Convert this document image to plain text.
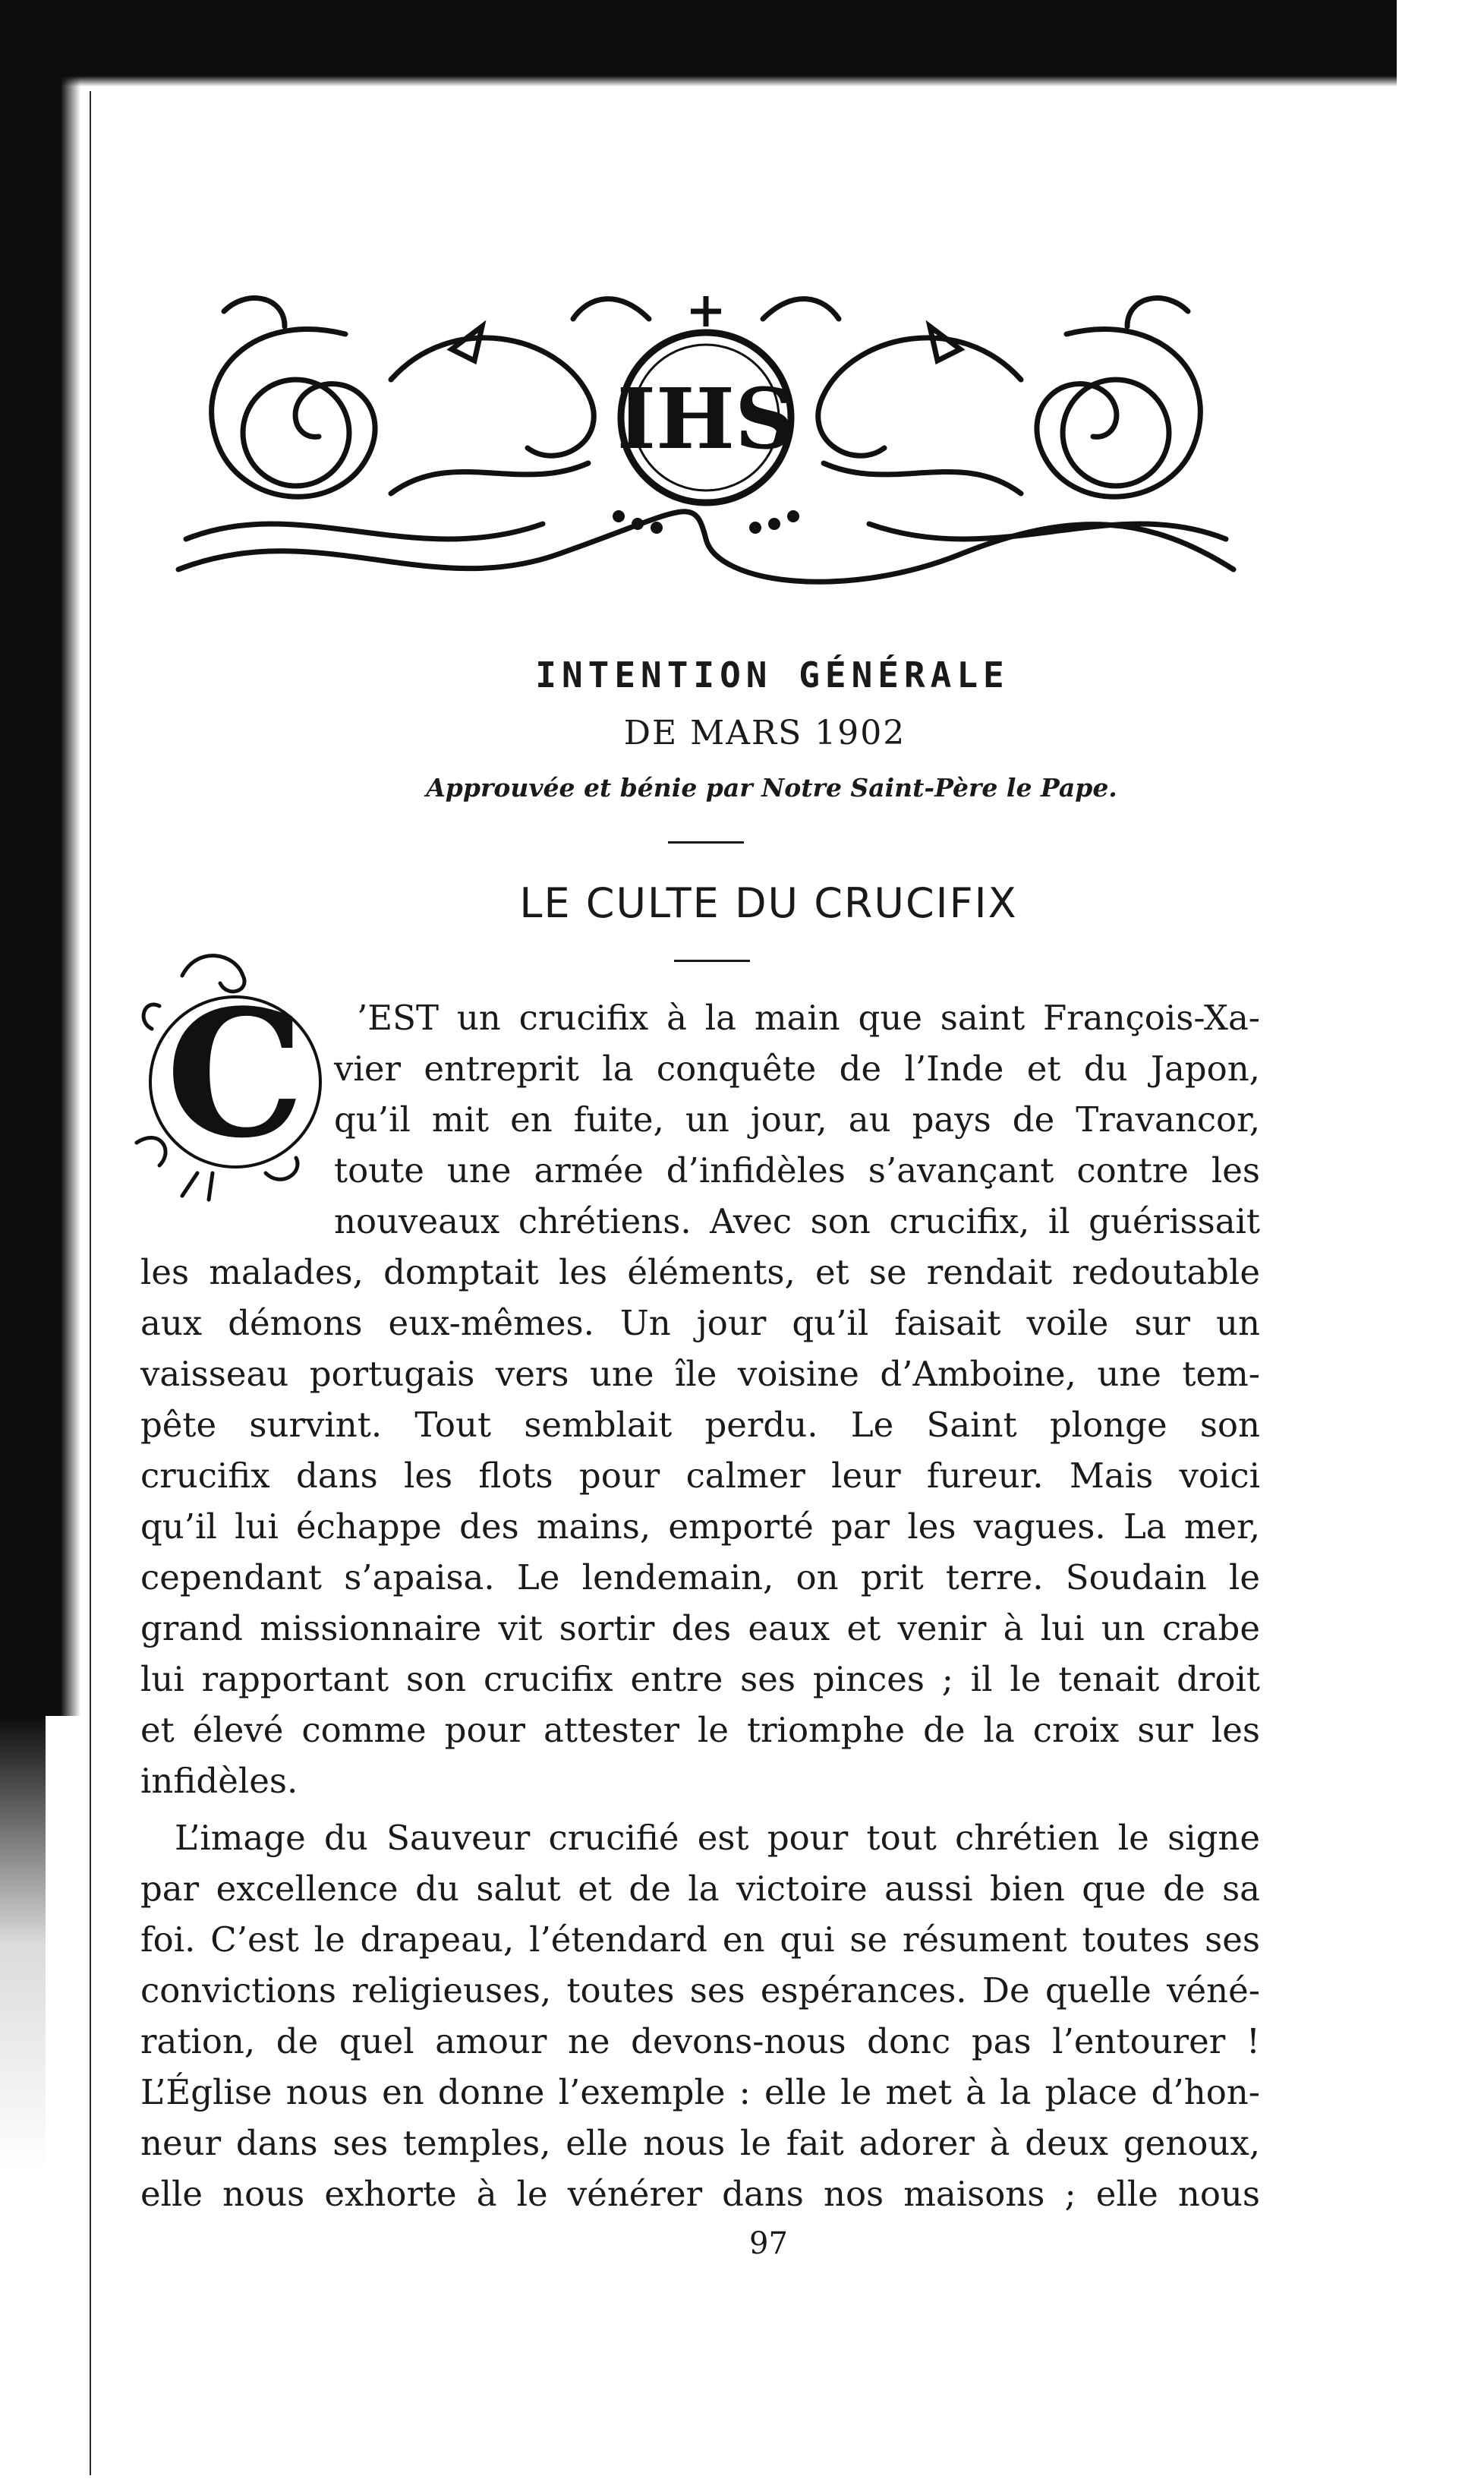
IHS
INTENTION GÉNÉRALE
DE MARS 1902
Approuvée et bénie par Notre Saint-Père le Pape.
LE CULTE DU CRUCIFIX
C ’EST un crucifix à la main que saint François-Xa-
vier entreprit la conquête de l’Inde et du Japon,
qu’il mit en fuite, un jour, au pays de Travancor,
toute une armée d’infidèles s’avançant contre les
nouveaux chrétiens. Avec son crucifix, il guérissait
les malades, domptait les éléments, et se rendait redoutable
aux démons eux-mêmes. Un jour qu’il faisait voile sur un
vaisseau portugais vers une île voisine d’Amboine, une tem-
pête survint. Tout semblait perdu. Le Saint plonge son
crucifix dans les flots pour calmer leur fureur. Mais voici
qu’il lui échappe des mains, emporté par les vagues. La mer,
cependant s’apaisa. Le lendemain, on prit terre. Soudain le
grand missionnaire vit sortir des eaux et venir à lui un crabe
lui rapportant son crucifix entre ses pinces ; il le tenait droit
et élevé comme pour attester le triomphe de la croix sur les
infidèles.
L’image du Sauveur crucifié est pour tout chrétien le signe
par excellence du salut et de la victoire aussi bien que de sa
foi. C’est le drapeau, l’étendard en qui se résument toutes ses
convictions religieuses, toutes ses espérances. De quelle véné-
ration, de quel amour ne devons-nous donc pas l’entourer !
L’Église nous en donne l’exemple : elle le met à la place d’hon-
neur dans ses temples, elle nous le fait adorer à deux genoux,
elle nous exhorte à le vénérer dans nos maisons ; elle nous
97
